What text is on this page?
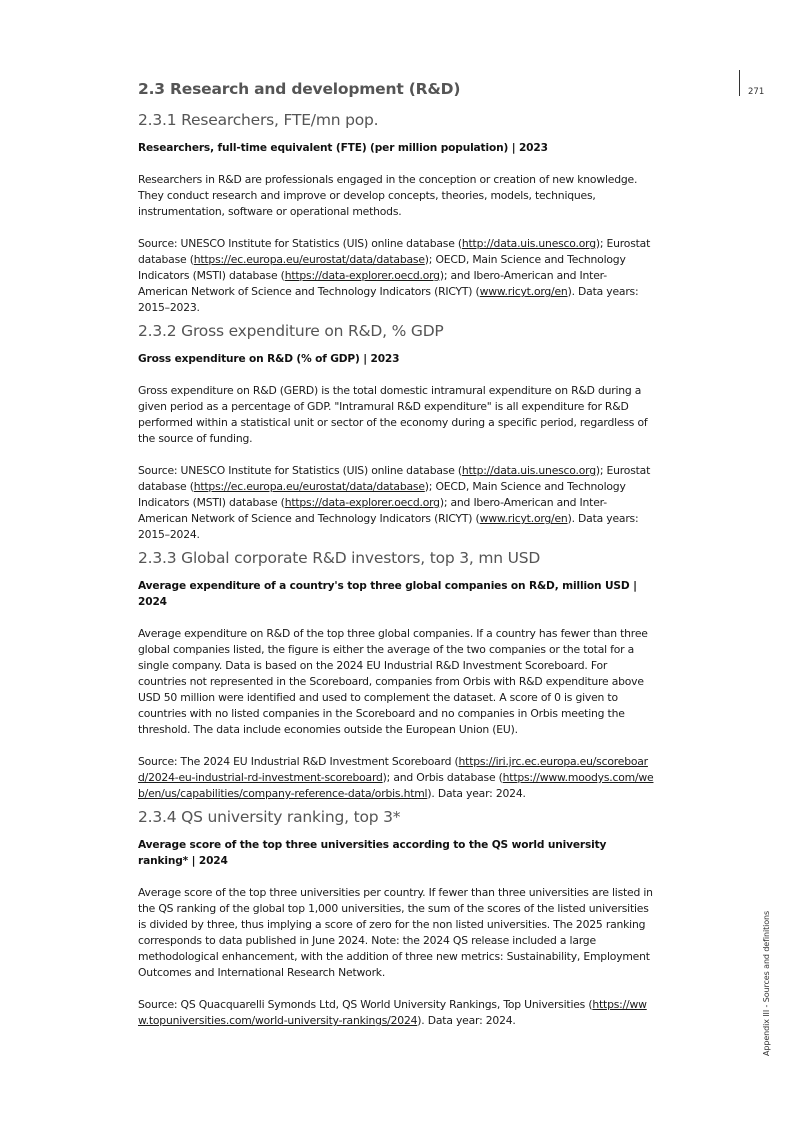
271
Appendix III - Sources and definitions
2.3 Research and development (R&D)
2.3.1 Researchers, FTE/mn pop.
Researchers, full-time equivalent (FTE) (per million population) | 2023

Researchers in R&D are professionals engaged in the conception or creation of new knowledge. They conduct research and improve or develop concepts, theories, models, techniques, instrumentation, software or operational methods.

Source: UNESCO Institute for Statistics (UIS) online database (http://data.uis.unesco.org); Eurostat database (https://ec.europa.eu/eurostat/data/database); OECD, Main Science and Technology Indicators (MSTI) database (https://data-explorer.oecd.org); and Ibero-American and Inter-American Network of Science and Technology Indicators (RICYT) (www.ricyt.org/en). Data years: 2015–2023.

2.3.2 Gross expenditure on R&D, % GDP
Gross expenditure on R&D (% of GDP) | 2023

Gross expenditure on R&D (GERD) is the total domestic intramural expenditure on R&D during a given period as a percentage of GDP. "Intramural R&D expenditure" is all expenditure for R&D performed within a statistical unit or sector of the economy during a specific period, regardless of the source of funding.

Source: UNESCO Institute for Statistics (UIS) online database (http://data.uis.unesco.org); Eurostat database (https://ec.europa.eu/eurostat/data/database); OECD, Main Science and Technology Indicators (MSTI) database (https://data-explorer.oecd.org); and Ibero-American and Inter-American Network of Science and Technology Indicators (RICYT) (www.ricyt.org/en). Data years: 2015–2024.

2.3.3 Global corporate R&D investors, top 3, mn USD
Average expenditure of a country's top three global companies on R&D, million USD | 2024

Average expenditure on R&D of the top three global companies. If a country has fewer than three global companies listed, the figure is either the average of the two companies or the total for a single company. Data is based on the 2024 EU Industrial R&D Investment Scoreboard. For countries not represented in the Scoreboard, companies from Orbis with R&D expenditure above USD 50 million were identified and used to complement the dataset. A score of 0 is given to countries with no listed companies in the Scoreboard and no companies in Orbis meeting the threshold. The data include economies outside the European Union (EU).

Source: The 2024 EU Industrial R&D Investment Scoreboard (https://iri.jrc.ec.europa.eu/scoreboard/2024-eu-industrial-rd-investment-scoreboard); and Orbis database (https://www.moodys.com/web/en/us/capabilities/company-reference-data/orbis.html). Data year: 2024.

2.3.4 QS university ranking, top 3*
Average score of the top three universities according to the QS world university ranking* | 2024

Average score of the top three universities per country. If fewer than three universities are listed in the QS ranking of the global top 1,000 universities, the sum of the scores of the listed universities is divided by three, thus implying a score of zero for the non listed universities. The 2025 ranking corresponds to data published in June 2024. Note: the 2024 QS release included a large methodological enhancement, with the addition of three new metrics: Sustainability, Employment Outcomes and International Research Network.

Source: QS Quacquarelli Symonds Ltd, QS World University Rankings, Top Universities (https://www.topuniversities.com/world-university-rankings/2024). Data year: 2024.
